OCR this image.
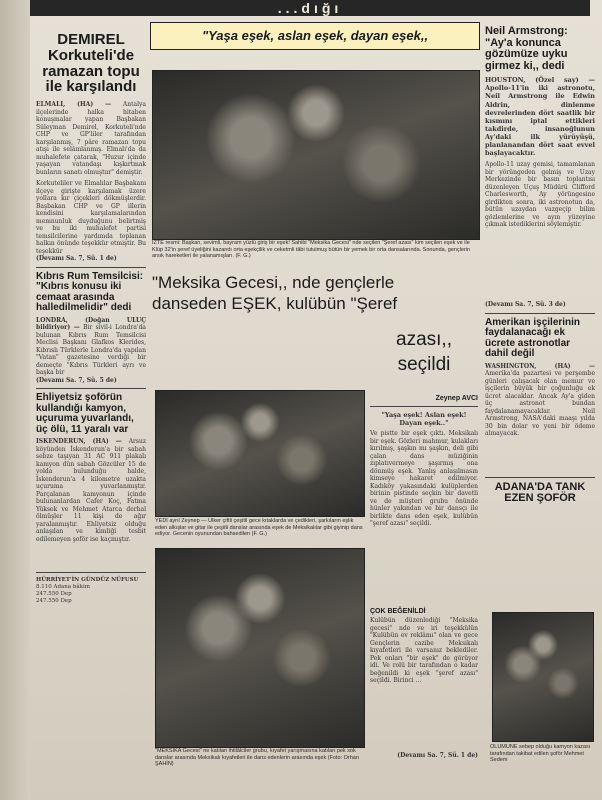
...dığı
DEMIREL Korkuteli'de ramazan topu ile karşılandı
ELMALI, (HA) — Antalya ilçelerinde halka hitaben konuşmalar yapan Başbakan Süleyman Demirel, Korkuteli'nde CHP ve GP'liler tarafından karşılanmış, 7 pâre ramazan topu atışı ile selâmlanmış. Elmalı'da da muhalefete çatarak, "Huzur içinde yaşayan vatandaşı kışkırtmak bunların sanatı olmuştur" demiştir.
Korkuteliler ve Elmalılar Başbakanı ilçeye girişte karşılamak üzere yollara kır çiçekleri dökmüşlerdir. Başbakan CHP ve GP illerin kendisini karşılamalarından memnunluk duyduğunu belirtmiş ve bu iki muhalefet partisi temsilcilerine yardımda toplanan halkın önünde teşekkür etmiştir. Bu teşekkür
(Devamı Sa. 7, Sü. 1 de)
Kıbrıs Rum Temsilcisi: "Kıbrıs konusu iki cemaat arasında halledilmelidir" dedi
LONDRA, (Doğan ULUÇ bildiriyor) — Bir sivil-i Londra'da bulunan Kıbrıs Rum Temsilcisi Meclisi Başkanı Glafkos Klerides, Kıbrıslı Türklerle Londra'da yapılan "Vatan" gazetesine verdiği bir demeçte "Kıbrıs Türkleri ayrı ve başka bir
(Devamı Sa. 7, Sü. 5 de)
Ehliyetsiz şoförün kullandığı kamyon, uçuruma yuvarlandı, üç ölü, 11 yaralı var
İSKENDERUN, (HA) — Arsuz köyünden İskenderun'a bir sabah sebze taşıyan 31 AC 911 plakalı kamyon dün sabah Gözcüler 15 de yolda bulunduğu halde, İskenderun'a 4 kilometre uzakta uçuruma yuvarlanmıştır. Parçalanan kamyonun içinde bulunanlardan Cafer Koç, Fatma Yüksek ve Mehmet Atarca derhal ölmüşler 11 kişi de ağır yaralanmıştır. Ehliyetsiz olduğu anlaşılan ve kimliği tesbit edilemeyen şoför ise kaçmıştır.
HÜRRİYET'İN GÜNDÜZ NÜFUSU
8.110 Adana bâkim
247.550 Dep
247.550 Dep
"Yaşa eşek, aslan eşek, dayan eşek,,
İZTE resmi: Başkan, sevimli, bayram yüzlü giriş bir eşek! Sahibi "Meksika Gecesi" nde seçilen "Şeref azası" kim seçilen eşek ve ile Klüp 32'in şeref üyeliğini kazandı orta eşekçilik ve ceketmli tâbi tutulmuş bütün bir yemek bir orta dansalarında. Sonunda, gençlerin arsık hareketleri ile yalanamışları. (F. G.)
"Meksika Gecesi,, nde gençlerle
danseden EŞEK, kulübün "Şeref
azası,,
seçildi
YEDİ ayrıl Zeynep — Ülker çiftli çeşitli gece kıtaklarda ve çedikleri, şarkıların eşlik eden alkışlar ve gitar ile çeşitli danslar arasında eşek de Meksikalılar gibi giyinip dans ediyor. Gecenin oyunundan bahsedilen (F. G.)
"MEKSİKA Gecesi" ne katılan ihtilâlciler grubu, kıyafet yarışmasına katılan pek sok danslar arasında Meksikalı kıyafetleri ile dans edenlerin arasında eşek (Foto: Orhan ŞAHİN)
Zeynep AVCI
"Yaşa eşek! Aslan eşek! Dayan eşek.."
Ve pistte bir eşek çıktı. Meksikalı bir eşek. Gözleri mahmur, kulakları kırılmış, şaşkın mı şaşkın, deli gibi çalan dans müziğinin zıplatıvermeye şaşırmış ona dönmüş eşek. Yanlış anlaşılmasın kimseye hakaret edilmiyor. Kadıköy yakasındaki kulüplerden birinin pistinde seçkin bir davetli ve de müşteri grubu önünde hünler yakından ve bir dansçı ile birlikte dans eden eşek, kulübün "şeref azası" seçildi.
ÇOK BEĞENİLDİ
Kulübün düzenlediği "Meksika gecesi" nde ve iri teşekkülün "Kulübün ev reklâmı" olan ve gece Gençlerin cazibe Meksikalı kıyafetleri ile varsanız beklediler. Pek onları "bir eşek" de görüyor idi. Ve rolü bir tarafından o kadar beğenildi ki eşek "şeref azası" seçildi. Birinci ...
(Devamı Sa. 7, Sü. 1 de)
Neil Armstrong: "Ay'a konunca gözümüze uyku girmez ki,, dedi
HOUSTON, (Özel say) — Apollo-11'in iki astronotu, Neil Armstrong ile Edwin Aldrin, dinlenme devrelerinden dört saatlik bir kısmını iptal ettikleri takdirde, insanoğlunun Ay'daki ilk yürüyüşü, planlanandan dört saat evvel başlayacaktır.
Apollo-11 uzay gemisi, tamamlanan bir yörüngeden gelmiş ve Uzay Merkezinde bir basın toplantısı düzenleyen Uçuş Müdürü Clifford Charlesworth, Ay yörüngesine girdikten sonra, iki astronotun da, bütün uzaydan vazgeçip bilim gözlemlerine ve ayın yüzeyine çıkmak istediklerini söylemiştir.
(Devamı Sa. 7, Sü. 3 de)
Amerikan işçilerinin faydalanacağı ek ücrete astronotlar dahil değil
WASHINGTON, (HA) — Amerika'da pazartesi ve perşembe günleri çalışacak olan memur ve işçilerin büyük bir çoğunluğu ek ücret alacaklar. Ancak Ay'a giden üç astronot bundan faydalanamayacaklar. Neil Armstrong, NASA'daki maaşı yılda 30 bin dolar ve yeni bir ödeme almayacak.
ADANA'DA TANK EZEN ŞOFÖR
ÖLÜMÜNE sebep olduğu kamyon kazası tarafından takibat edilen şoför Mehmet Sedem
